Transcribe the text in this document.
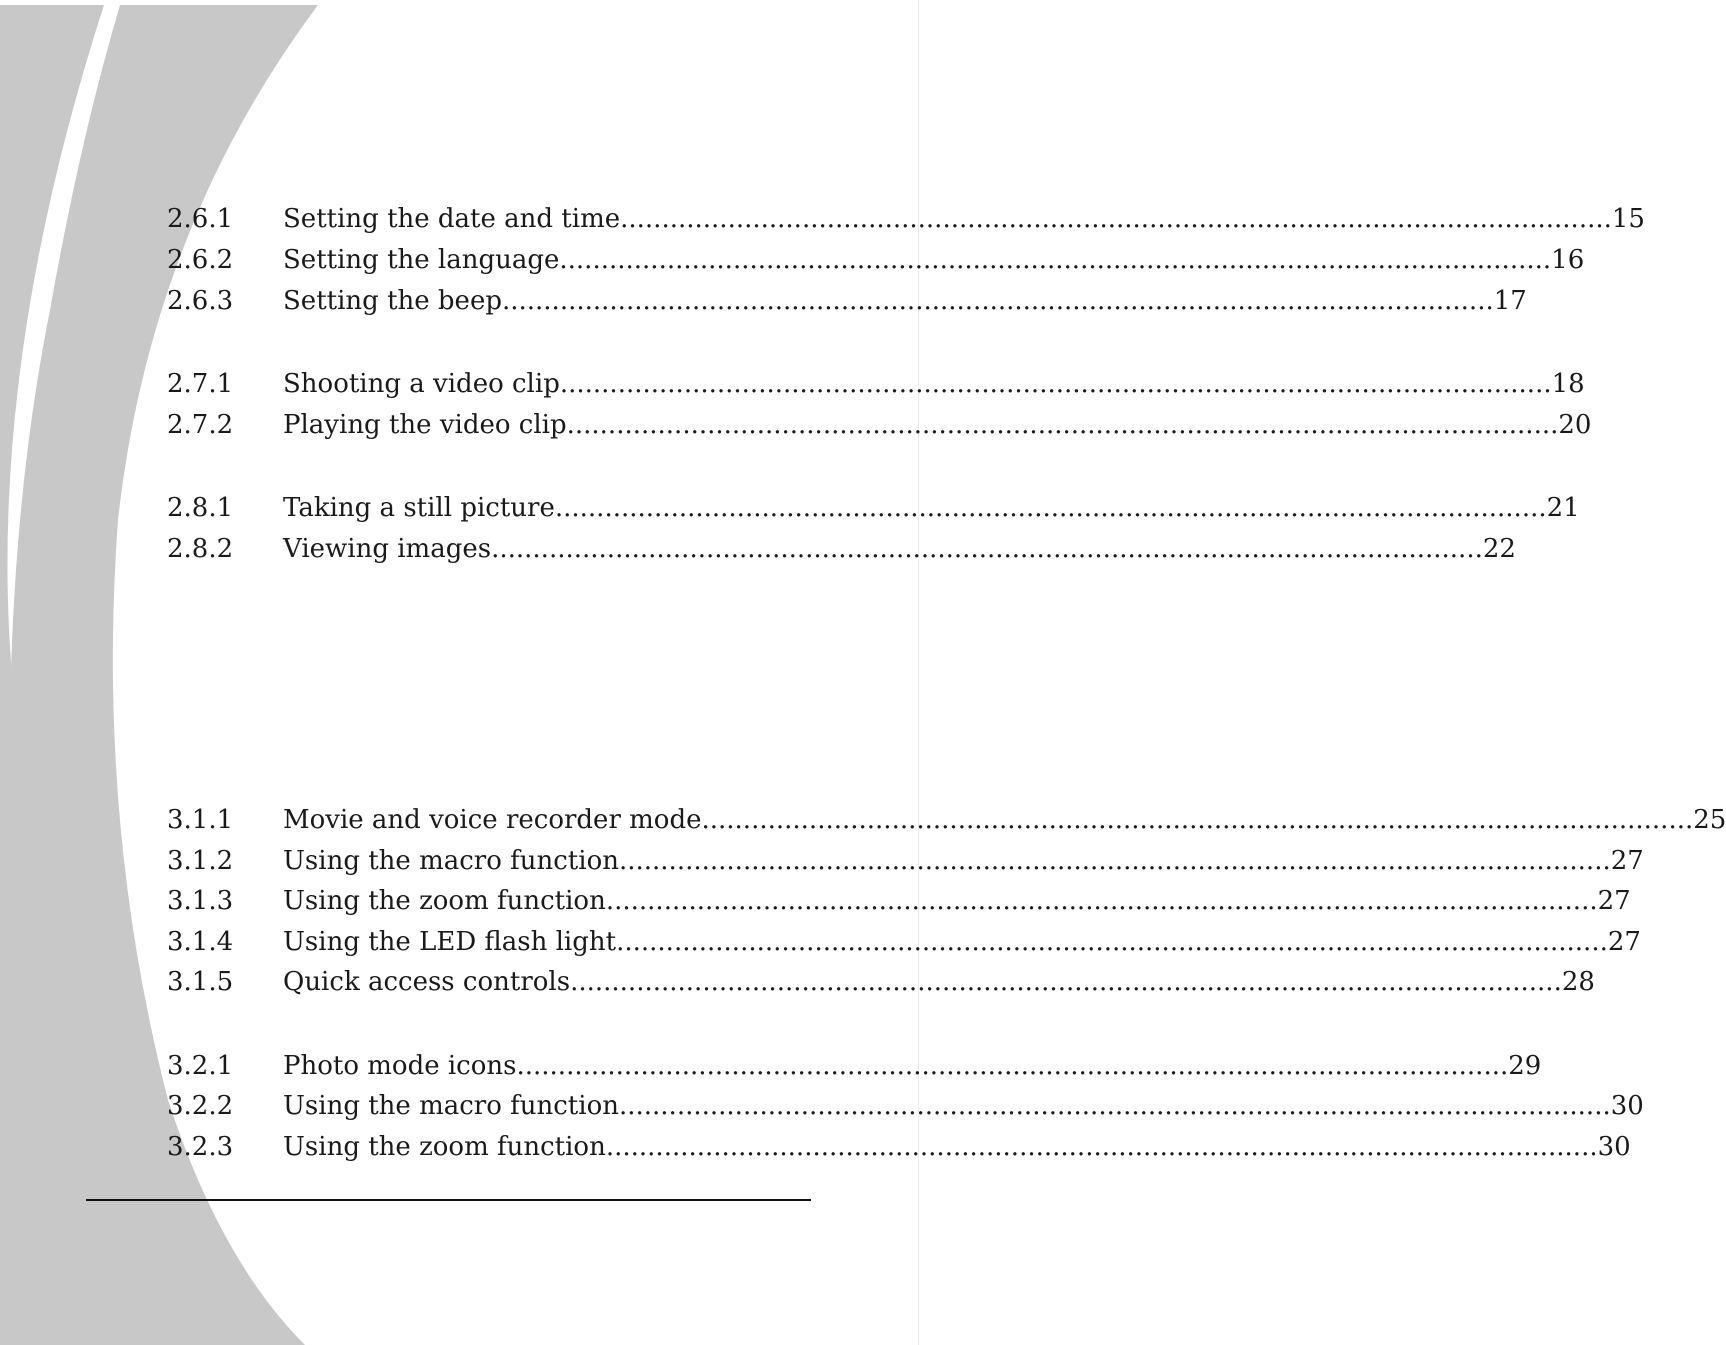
2.6.1 Setting the date and time ........................................................................................................................ 15
2.6.2 Setting the language ........................................................................................................................ 16
2.6.3 Setting the beep ........................................................................................................................ 17
2.7.1 Shooting a video clip ........................................................................................................................ 18
2.7.2 Playing the video clip ........................................................................................................................ 20
2.8.1 Taking a still picture ........................................................................................................................ 21
2.8.2 Viewing images ........................................................................................................................ 22
3.1.1 Movie and voice recorder mode ........................................................................................................................ 25
3.1.2 Using the macro function ........................................................................................................................ 27
3.1.3 Using the zoom function ........................................................................................................................ 27
3.1.4 Using the LED flash light ........................................................................................................................ 27
3.1.5 Quick access controls ........................................................................................................................ 28
3.2.1 Photo mode icons ........................................................................................................................ 29
3.2.2 Using the macro function ........................................................................................................................ 30
3.2.3 Using the zoom function ........................................................................................................................ 30
